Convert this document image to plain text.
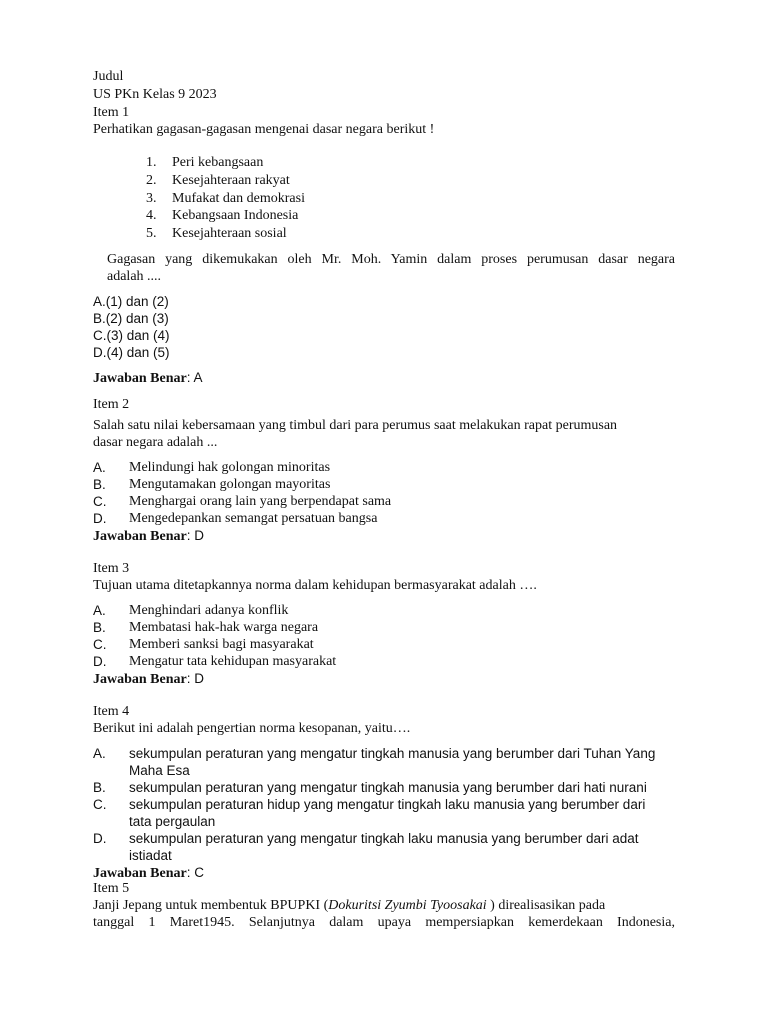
Judul
US PKn Kelas 9 2023
Item 1
Perhatikan gagasan-gagasan mengenai dasar negara berikut !
1. Peri kebangsaan
2. Kesejahteraan rakyat
3. Mufakat dan demokrasi
4. Kebangsaan Indonesia
5. Kesejahteraan sosial
Gagasan yang dikemukakan oleh Mr. Moh. Yamin dalam proses perumusan dasar negara
adalah ....
A.(1) dan (2)
B.(2) dan (3)
C.(3) dan (4)
D.(4) dan (5)
Jawaban Benar: A
Item 2
Salah satu nilai kebersamaan yang timbul dari para perumus saat melakukan rapat perumusan
dasar negara adalah ...
A. Melindungi hak golongan minoritas
B. Mengutamakan golongan mayoritas
C. Menghargai orang lain yang berpendapat sama
D. Mengedepankan semangat persatuan bangsa
Jawaban Benar: D
Item 3
Tujuan utama ditetapkannya norma dalam kehidupan bermasyarakat adalah ….
A. Menghindari adanya konflik
B. Membatasi hak-hak warga negara
C. Memberi sanksi bagi masyarakat
D. Mengatur tata kehidupan masyarakat
Jawaban Benar: D
Item 4
Berikut ini adalah pengertian norma kesopanan, yaitu….
A. sekumpulan peraturan yang mengatur tingkah manusia yang berumber dari Tuhan Yang
Maha Esa
B. sekumpulan peraturan yang mengatur tingkah manusia yang berumber dari hati nurani
C. sekumpulan peraturan hidup yang mengatur tingkah laku manusia yang berumber dari
tata pergaulan
D. sekumpulan peraturan yang mengatur tingkah laku manusia yang berumber dari adat
istiadat
Jawaban Benar: C
Item 5
Janji Jepang untuk membentuk BPUPKI (Dokuritsi Zyumbi Tyoosakai ) direalisasikan pada
tanggal 1 Maret1945. Selanjutnya dalam upaya mempersiapkan kemerdekaan Indonesia,
